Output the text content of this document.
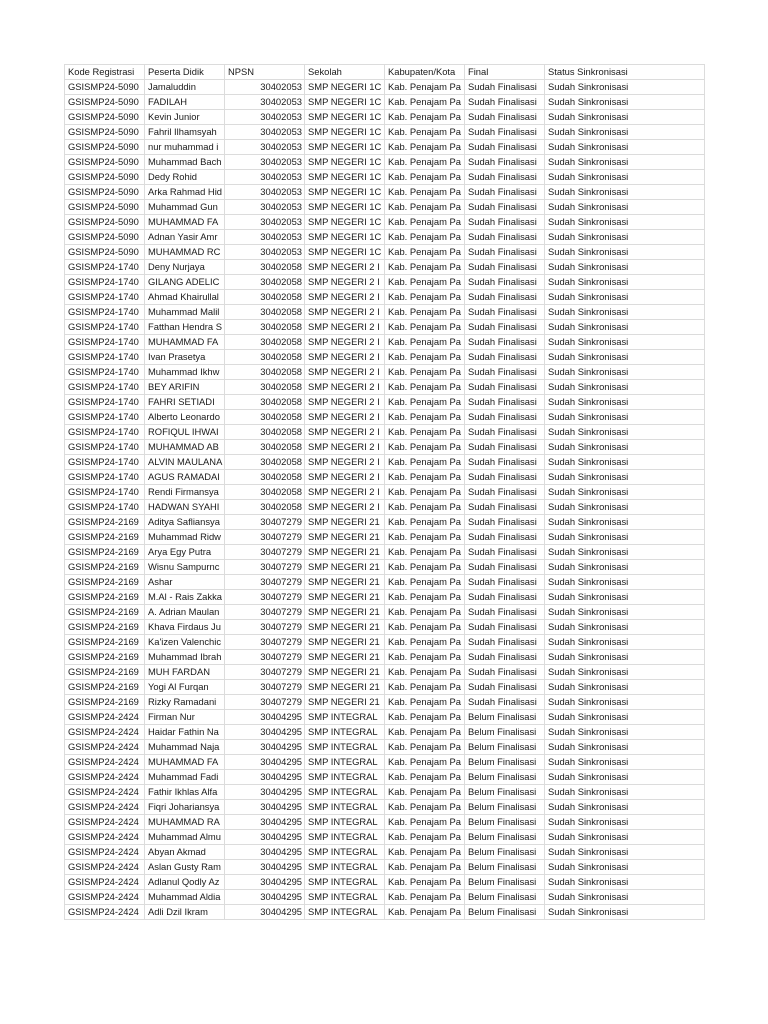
Kode Registrasi	Peserta Didik	NPSN	Sekolah	Kabupaten/Kota	Final	Status Sinkronisasi
GSISMP24-5090	Jamaluddin	30402053	SMP NEGERI 1C	Kab. Penajam Pa	Sudah Finalisasi	Sudah Sinkronisasi
GSISMP24-5090	FADILAH	30402053	SMP NEGERI 1C	Kab. Penajam Pa	Sudah Finalisasi	Sudah Sinkronisasi
GSISMP24-5090	Kevin Junior	30402053	SMP NEGERI 1C	Kab. Penajam Pa	Sudah Finalisasi	Sudah Sinkronisasi
GSISMP24-5090	Fahril Ilhamsyah	30402053	SMP NEGERI 1C	Kab. Penajam Pa	Sudah Finalisasi	Sudah Sinkronisasi
GSISMP24-5090	nur muhammad i	30402053	SMP NEGERI 1C	Kab. Penajam Pa	Sudah Finalisasi	Sudah Sinkronisasi
GSISMP24-5090	Muhammad Bach	30402053	SMP NEGERI 1C	Kab. Penajam Pa	Sudah Finalisasi	Sudah Sinkronisasi
GSISMP24-5090	Dedy Rohid	30402053	SMP NEGERI 1C	Kab. Penajam Pa	Sudah Finalisasi	Sudah Sinkronisasi
GSISMP24-5090	Arka Rahmad Hid	30402053	SMP NEGERI 1C	Kab. Penajam Pa	Sudah Finalisasi	Sudah Sinkronisasi
GSISMP24-5090	Muhammad Gun	30402053	SMP NEGERI 1C	Kab. Penajam Pa	Sudah Finalisasi	Sudah Sinkronisasi
GSISMP24-5090	MUHAMMAD FA	30402053	SMP NEGERI 1C	Kab. Penajam Pa	Sudah Finalisasi	Sudah Sinkronisasi
GSISMP24-5090	Adnan Yasir Amr	30402053	SMP NEGERI 1C	Kab. Penajam Pa	Sudah Finalisasi	Sudah Sinkronisasi
GSISMP24-5090	MUHAMMAD RC	30402053	SMP NEGERI 1C	Kab. Penajam Pa	Sudah Finalisasi	Sudah Sinkronisasi
GSISMP24-1740	Deny Nurjaya	30402058	SMP NEGERI 2 I	Kab. Penajam Pa	Sudah Finalisasi	Sudah Sinkronisasi
GSISMP24-1740	GILANG ADELIC	30402058	SMP NEGERI 2 I	Kab. Penajam Pa	Sudah Finalisasi	Sudah Sinkronisasi
GSISMP24-1740	Ahmad Khairullal	30402058	SMP NEGERI 2 I	Kab. Penajam Pa	Sudah Finalisasi	Sudah Sinkronisasi
GSISMP24-1740	Muhammad Malil	30402058	SMP NEGERI 2 I	Kab. Penajam Pa	Sudah Finalisasi	Sudah Sinkronisasi
GSISMP24-1740	Fatthan Hendra S	30402058	SMP NEGERI 2 I	Kab. Penajam Pa	Sudah Finalisasi	Sudah Sinkronisasi
GSISMP24-1740	MUHAMMAD FA	30402058	SMP NEGERI 2 I	Kab. Penajam Pa	Sudah Finalisasi	Sudah Sinkronisasi
GSISMP24-1740	Ivan Prasetya	30402058	SMP NEGERI 2 I	Kab. Penajam Pa	Sudah Finalisasi	Sudah Sinkronisasi
GSISMP24-1740	Muhammad Ikhw	30402058	SMP NEGERI 2 I	Kab. Penajam Pa	Sudah Finalisasi	Sudah Sinkronisasi
GSISMP24-1740	BEY ARIFIN	30402058	SMP NEGERI 2 I	Kab. Penajam Pa	Sudah Finalisasi	Sudah Sinkronisasi
GSISMP24-1740	FAHRI SETIADI	30402058	SMP NEGERI 2 I	Kab. Penajam Pa	Sudah Finalisasi	Sudah Sinkronisasi
GSISMP24-1740	Alberto Leonardo	30402058	SMP NEGERI 2 I	Kab. Penajam Pa	Sudah Finalisasi	Sudah Sinkronisasi
GSISMP24-1740	ROFIQUL IHWAI	30402058	SMP NEGERI 2 I	Kab. Penajam Pa	Sudah Finalisasi	Sudah Sinkronisasi
GSISMP24-1740	MUHAMMAD AB	30402058	SMP NEGERI 2 I	Kab. Penajam Pa	Sudah Finalisasi	Sudah Sinkronisasi
GSISMP24-1740	ALVIN MAULANA	30402058	SMP NEGERI 2 I	Kab. Penajam Pa	Sudah Finalisasi	Sudah Sinkronisasi
GSISMP24-1740	AGUS RAMADAI	30402058	SMP NEGERI 2 I	Kab. Penajam Pa	Sudah Finalisasi	Sudah Sinkronisasi
GSISMP24-1740	Rendi Firmansya	30402058	SMP NEGERI 2 I	Kab. Penajam Pa	Sudah Finalisasi	Sudah Sinkronisasi
GSISMP24-1740	HADWAN SYAHI	30402058	SMP NEGERI 2 I	Kab. Penajam Pa	Sudah Finalisasi	Sudah Sinkronisasi
GSISMP24-2169	Aditya Safliansya	30407279	SMP NEGERI 21	Kab. Penajam Pa	Sudah Finalisasi	Sudah Sinkronisasi
GSISMP24-2169	Muhammad Ridw	30407279	SMP NEGERI 21	Kab. Penajam Pa	Sudah Finalisasi	Sudah Sinkronisasi
GSISMP24-2169	Arya Egy Putra	30407279	SMP NEGERI 21	Kab. Penajam Pa	Sudah Finalisasi	Sudah Sinkronisasi
GSISMP24-2169	Wisnu Sampurnc	30407279	SMP NEGERI 21	Kab. Penajam Pa	Sudah Finalisasi	Sudah Sinkronisasi
GSISMP24-2169	Ashar	30407279	SMP NEGERI 21	Kab. Penajam Pa	Sudah Finalisasi	Sudah Sinkronisasi
GSISMP24-2169	M.Al - Rais Zakka	30407279	SMP NEGERI 21	Kab. Penajam Pa	Sudah Finalisasi	Sudah Sinkronisasi
GSISMP24-2169	A. Adrian Maulan	30407279	SMP NEGERI 21	Kab. Penajam Pa	Sudah Finalisasi	Sudah Sinkronisasi
GSISMP24-2169	Khava Firdaus Ju	30407279	SMP NEGERI 21	Kab. Penajam Pa	Sudah Finalisasi	Sudah Sinkronisasi
GSISMP24-2169	Ka'izen Valenchic	30407279	SMP NEGERI 21	Kab. Penajam Pa	Sudah Finalisasi	Sudah Sinkronisasi
GSISMP24-2169	Muhammad Ibrah	30407279	SMP NEGERI 21	Kab. Penajam Pa	Sudah Finalisasi	Sudah Sinkronisasi
GSISMP24-2169	MUH FARDAN	30407279	SMP NEGERI 21	Kab. Penajam Pa	Sudah Finalisasi	Sudah Sinkronisasi
GSISMP24-2169	Yogi Al Furqan	30407279	SMP NEGERI 21	Kab. Penajam Pa	Sudah Finalisasi	Sudah Sinkronisasi
GSISMP24-2169	Rizky Ramadani	30407279	SMP NEGERI 21	Kab. Penajam Pa	Sudah Finalisasi	Sudah Sinkronisasi
GSISMP24-2424	Firman Nur	30404295	SMP INTEGRAL	Kab. Penajam Pa	Belum Finalisasi	Sudah Sinkronisasi
GSISMP24-2424	Haidar Fathin Na	30404295	SMP INTEGRAL	Kab. Penajam Pa	Belum Finalisasi	Sudah Sinkronisasi
GSISMP24-2424	Muhammad Naja	30404295	SMP INTEGRAL	Kab. Penajam Pa	Belum Finalisasi	Sudah Sinkronisasi
GSISMP24-2424	MUHAMMAD FA	30404295	SMP INTEGRAL	Kab. Penajam Pa	Belum Finalisasi	Sudah Sinkronisasi
GSISMP24-2424	Muhammad Fadi	30404295	SMP INTEGRAL	Kab. Penajam Pa	Belum Finalisasi	Sudah Sinkronisasi
GSISMP24-2424	Fathir Ikhlas Alfa	30404295	SMP INTEGRAL	Kab. Penajam Pa	Belum Finalisasi	Sudah Sinkronisasi
GSISMP24-2424	Fiqri Johariansya	30404295	SMP INTEGRAL	Kab. Penajam Pa	Belum Finalisasi	Sudah Sinkronisasi
GSISMP24-2424	MUHAMMAD RA	30404295	SMP INTEGRAL	Kab. Penajam Pa	Belum Finalisasi	Sudah Sinkronisasi
GSISMP24-2424	Muhammad Almu	30404295	SMP INTEGRAL	Kab. Penajam Pa	Belum Finalisasi	Sudah Sinkronisasi
GSISMP24-2424	Abyan Akmad	30404295	SMP INTEGRAL	Kab. Penajam Pa	Belum Finalisasi	Sudah Sinkronisasi
GSISMP24-2424	Aslan Gusty Ram	30404295	SMP INTEGRAL	Kab. Penajam Pa	Belum Finalisasi	Sudah Sinkronisasi
GSISMP24-2424	Adlanul Qodly Az	30404295	SMP INTEGRAL	Kab. Penajam Pa	Belum Finalisasi	Sudah Sinkronisasi
GSISMP24-2424	Muhammad Aldia	30404295	SMP INTEGRAL	Kab. Penajam Pa	Belum Finalisasi	Sudah Sinkronisasi
GSISMP24-2424	Adli Dzil Ikram	30404295	SMP INTEGRAL	Kab. Penajam Pa	Belum Finalisasi	Sudah Sinkronisasi
